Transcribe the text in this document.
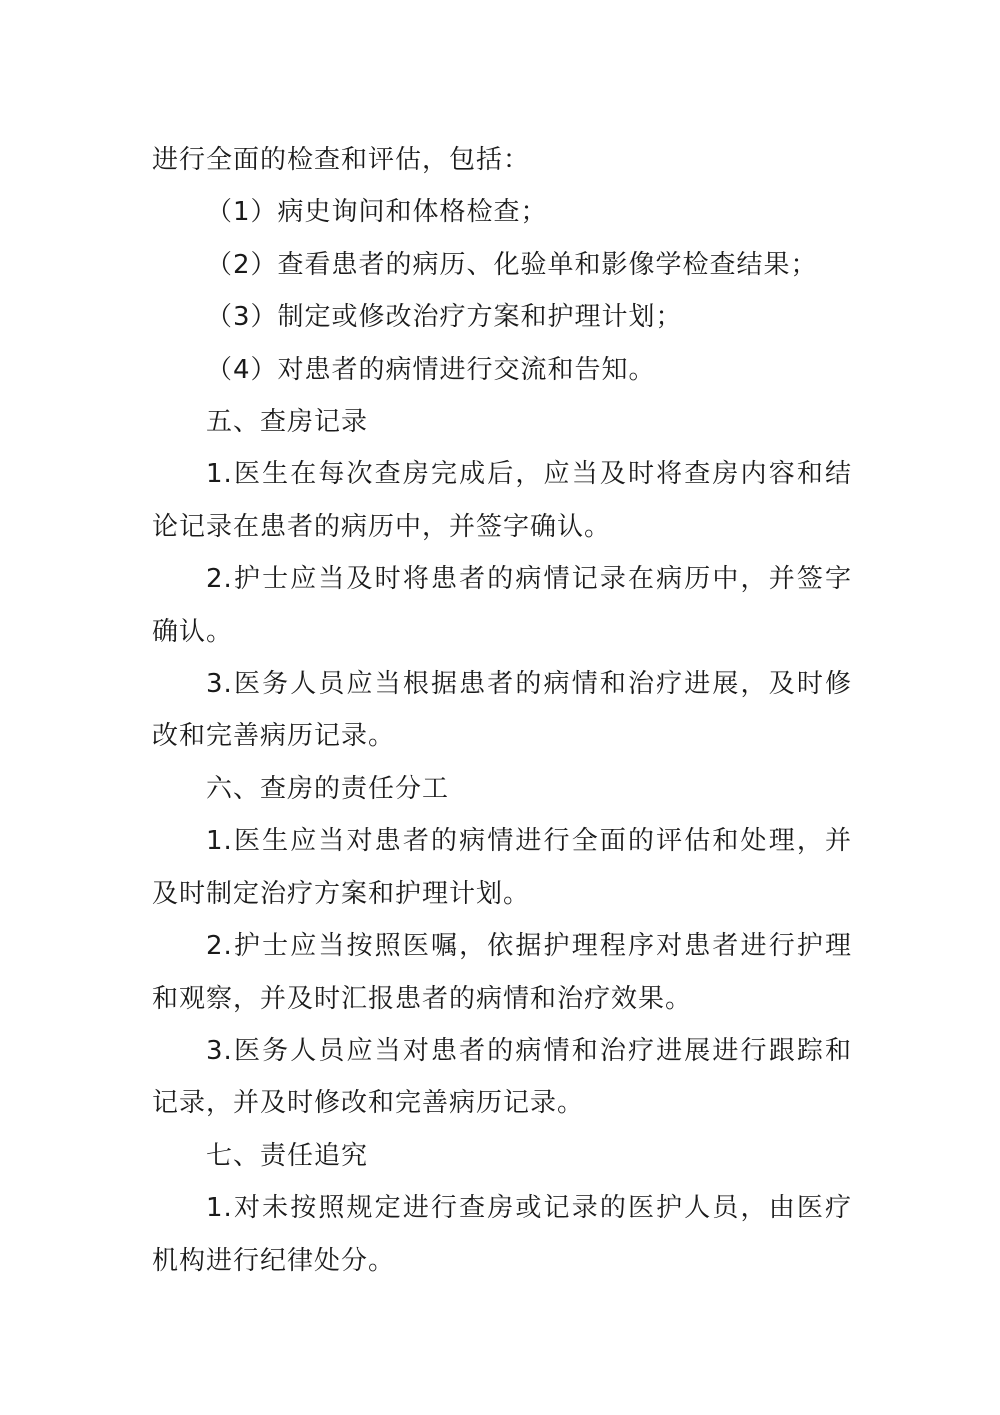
进行全面的检查和评估，包括：

（1）病史询问和体格检查；

（2）查看患者的病历、化验单和影像学检查结果；

（3）制定或修改治疗方案和护理计划；

（4）对患者的病情进行交流和告知。

五、查房记录

1.医生在每次查房完成后，应当及时将查房内容和结论记录在患者的病历中，并签字确认。

2.护士应当及时将患者的病情记录在病历中，并签字确认。

3.医务人员应当根据患者的病情和治疗进展，及时修改和完善病历记录。

六、查房的责任分工

1.医生应当对患者的病情进行全面的评估和处理，并及时制定治疗方案和护理计划。

2.护士应当按照医嘱，依据护理程序对患者进行护理和观察，并及时汇报患者的病情和治疗效果。

3.医务人员应当对患者的病情和治疗进展进行跟踪和记录，并及时修改和完善病历记录。

七、责任追究

1.对未按照规定进行查房或记录的医护人员，由医疗机构进行纪律处分。
